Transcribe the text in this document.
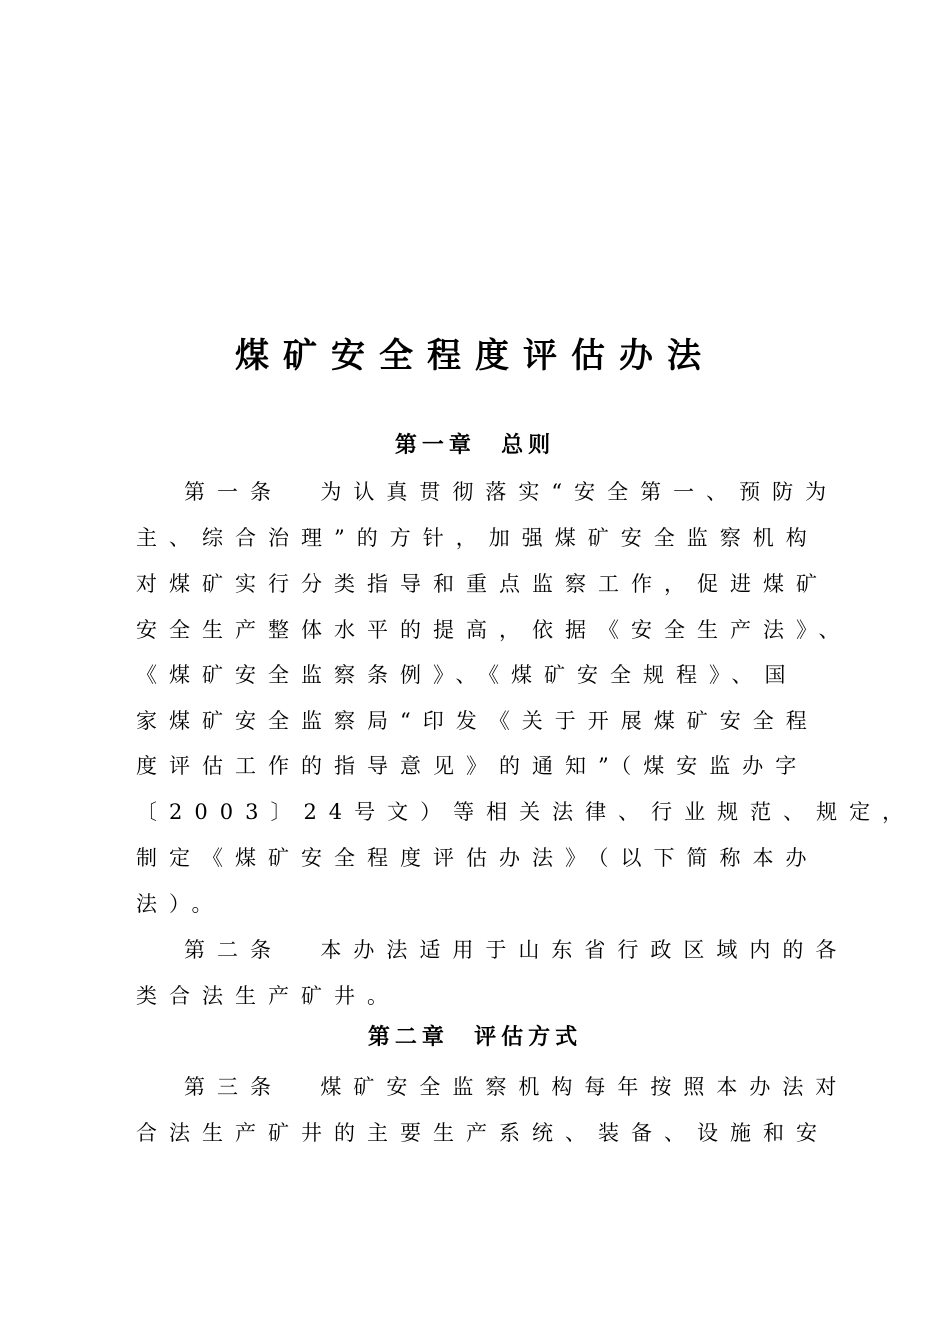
煤矿安全程度评估办法
第一章  总则
第一条  为认真贯彻落实“安全第一、预防为
主、综合治理”的方针，加强煤矿安全监察机构
对煤矿实行分类指导和重点监察工作，促进煤矿
安全生产整体水平的提高，依据《安全生产法》、
《煤矿安全监察条例》、《煤矿安全规程》、国
家煤矿安全监察局“印发《关于开展煤矿安全程
度评估工作的指导意见》的通知”（煤安监办字
〔2003〕24号文）等相关法律、行业规范、规定，
制定《煤矿安全程度评估办法》（以下简称本办
法）。
第二条  本办法适用于山东省行政区域内的各
类合法生产矿井。
第二章  评估方式
第三条  煤矿安全监察机构每年按照本办法对
合法生产矿井的主要生产系统、装备、设施和安
